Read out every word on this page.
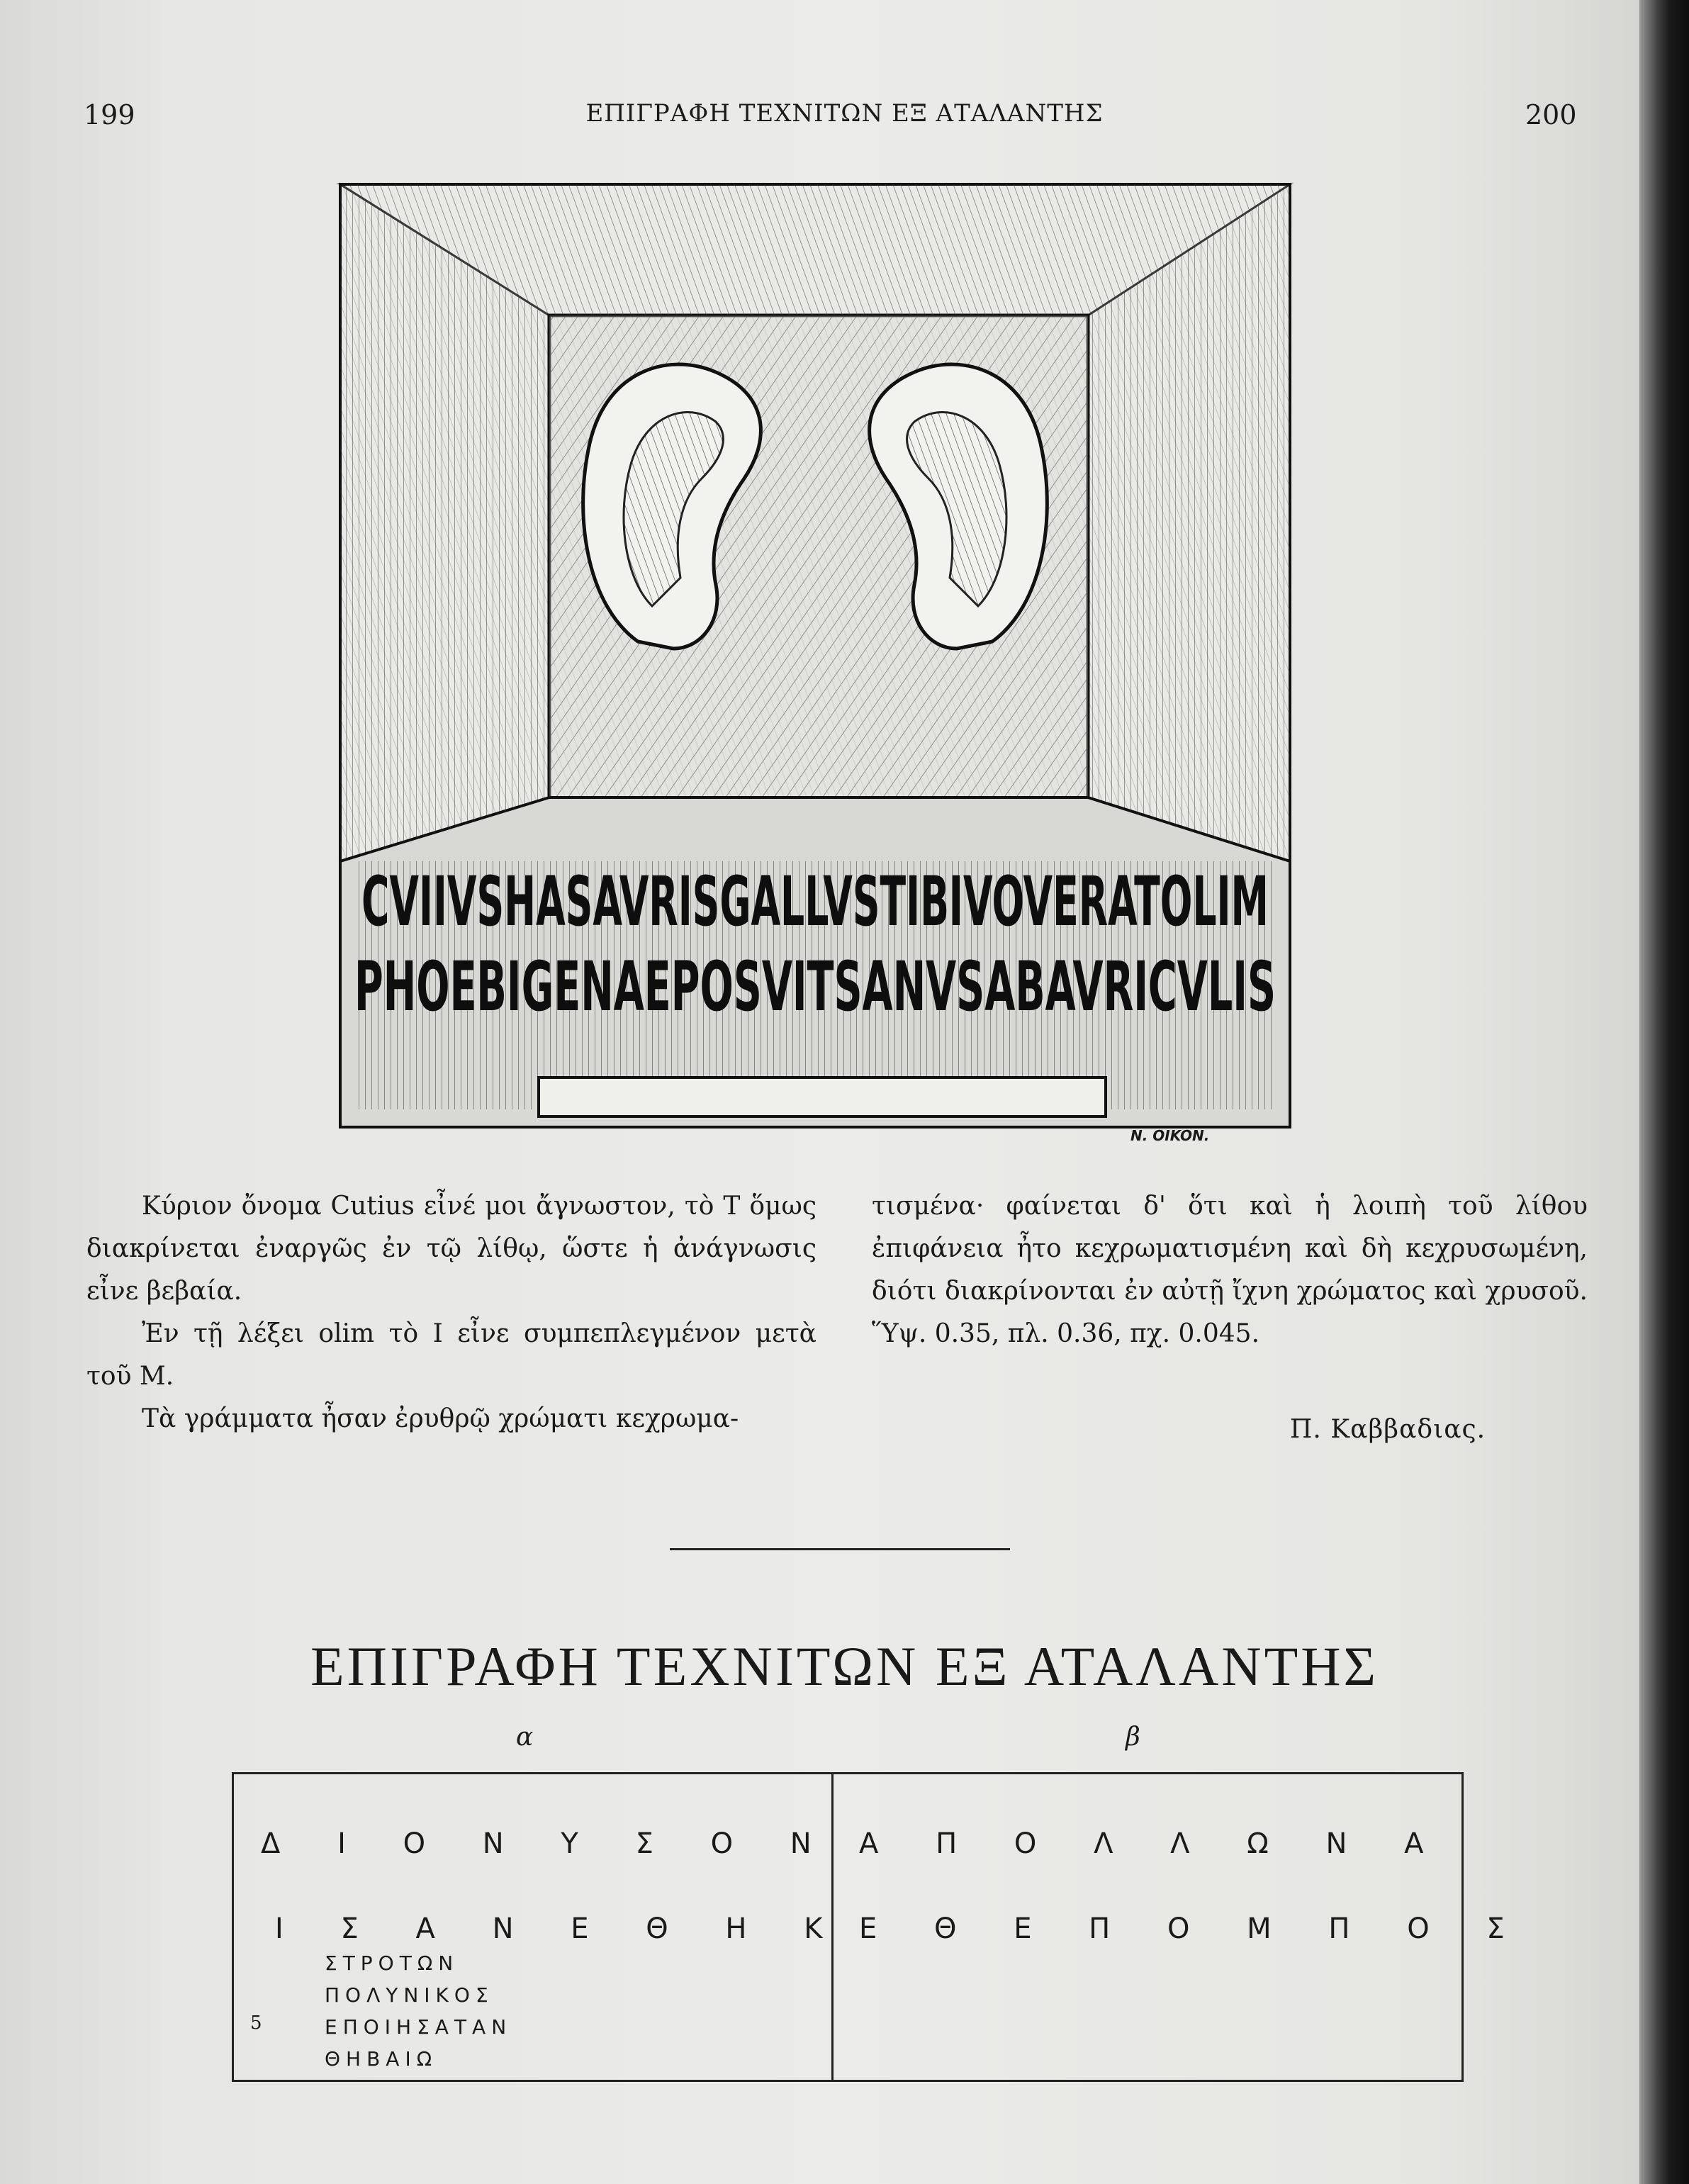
199	ΕΠΙΓΡΑΦΗ ΤΕΧΝΙΤΩΝ ΕΞ ΑΤΑΛΑΝΤΗΣ	200
CVIIVSHASAVRISGALLVSTIBIVOVERATOLIM
PHOEBIGENAEPOSVITSANVSABAVRICVLIS
N. OIKON.

Κύριον ὄνομα Cutius εἶνέ μοι ἄγνωστον, τὸ T ὅμως διακρίνεται ἐναργῶς ἐν τῷ λίθῳ, ὥστε ἡ ἀνάγνωσις εἶνε βεβαία.

Ἐν τῇ λέξει olim τὸ I εἶνε συμπεπλεγμένον μετὰ τοῦ M.

Τὰ γράμματα ἦσαν ἐρυθρῷ χρώματι κεχρωμα-

τισμένα· φαίνεται δ' ὅτι καὶ ἡ λοιπὴ τοῦ λίθου ἐπιφάνεια ἦτο κεχρωματισμένη καὶ δὴ κεχρυσωμένη, διότι διακρίνονται ἐν αὐτῇ ἴχνη χρώματος καὶ χρυσοῦ. Ὕψ. 0.35, πλ. 0.36, πχ. 0.045.

Π. Καββαδιας.
ΕΠΙΓΡΑΦΗ ΤΕΧΝΙΤΩΝ ΕΞ ΑΤΑΛΑΝΤΗΣ
α	β
Δ Ι Ο Ν Υ Σ Ο Ν
Ι Σ Α Ν Ε Θ Η Κ
ΣΤΡΟΤΩΝ
ΠΟΛΥΝΙΚΟΣ
ΕΠΟΙΗΣΑΤΑΝ
ΘΗΒΑΙΩ
5
Α Π Ο Λ Λ Ω Ν Α
Ε Θ Ε Π Ο Μ Π Ο Σ
